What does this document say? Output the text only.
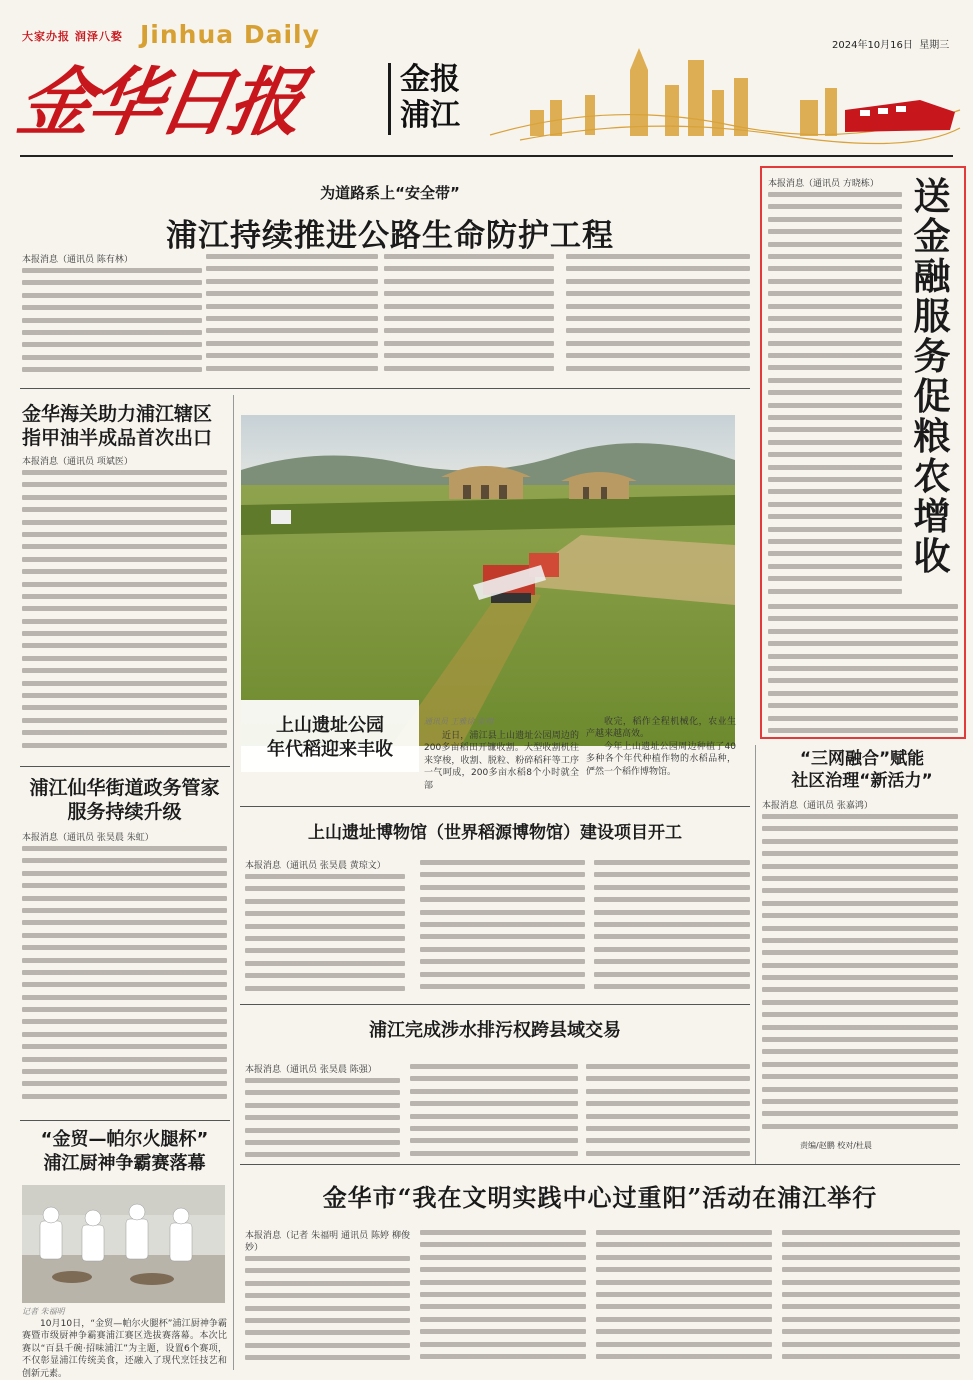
大家办报 润泽八婺 Jinhua Daily
金华日报	金报
浦江
2024年10月16日 星期三
为道路系上“安全带”
浦江持续推进公路生命防护工程
本报消息（通讯员 陈有林）
送金融服务 促粮农增收
本报消息（通讯员 方晓栋）
金华海关助力浦江辖区指甲油半成品首次出口
本报消息（通讯员 项斌医）
浦江仙华街道政务管家服务持续升级
本报消息（通讯员 张昊晨 朱虹）
“金贸—帕尔火腿杯”
浦江厨神争霸赛落幕
记者 朱福明

10月10日，“金贸—帕尔火腿杯”浦江厨神争霸赛暨市级厨神争霸赛浦江赛区选拔赛落幕。本次比赛以“百县千碗·招味浦江”为主题，设置6个赛项，不仅彰显浦江传统美食，还融入了现代烹饪技艺和创新元素。

上山遗址公园
年代稻迎来丰收
通讯员 王雅徐 张翔

近日，浦江县上山遗址公园周边的200多亩稻田开镰收割。大型收割机往来穿梭，收割、脱粒、粉碎稻秆等工序一气呵成，200多亩水稻8个小时就全部

收完，稻作全程机械化，农业生产越来越高效。

今年上山遗址公园周边种植了40多种各个年代种植作物的水稻品种，俨然一个稻作博物馆。

上山遗址博物馆（世界稻源博物馆）建设项目开工
本报消息（通讯员 张昊晨 黄琼文）
浦江完成涉水排污权跨县域交易
本报消息（通讯员 张昊晨 陈强）
“三网融合”赋能
社区治理“新活力”
本报消息（通讯员 张嘉鸿）
责编/赵鹏 校对/杜晨
金华市“我在文明实践中心过重阳”活动在浦江举行
本报消息（记者 朱福明 通讯员 陈婷 柳俊妙）
